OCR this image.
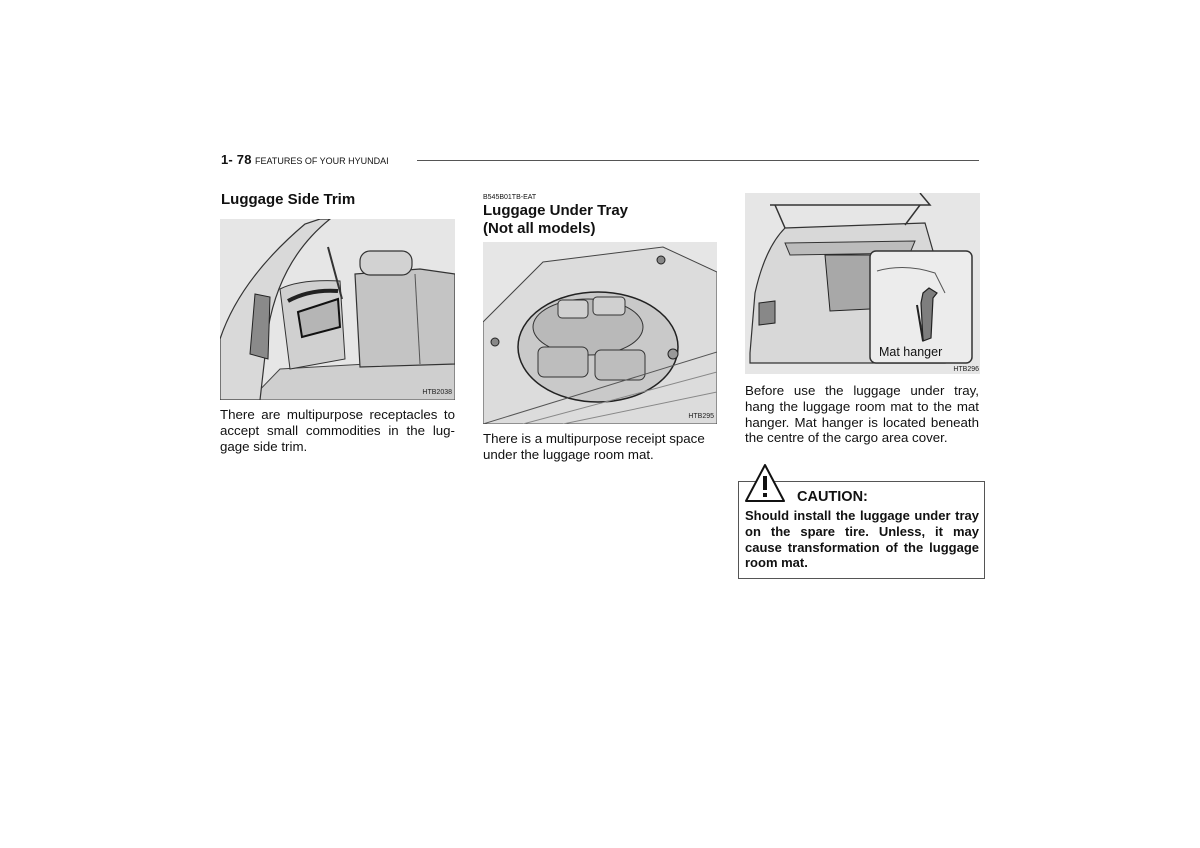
1- 78 FEATURES OF YOUR HYUNDAI
Luggage Side Trim
HTB2038
There are multipurpose receptacles to accept small commodities in the lug-gage side trim.
B545B01TB-EAT
Luggage Under Tray
(Not all models)
HTB295
There is a multipurpose receipt space under the luggage room mat.
HTB296
Mat hanger
Before use the luggage under tray, hang the luggage room mat to the mat hanger. Mat hanger is located beneath the centre of the cargo area cover.
CAUTION:
Should install the luggage under tray on the spare tire. Unless, it may cause transformation of the luggage room mat.
